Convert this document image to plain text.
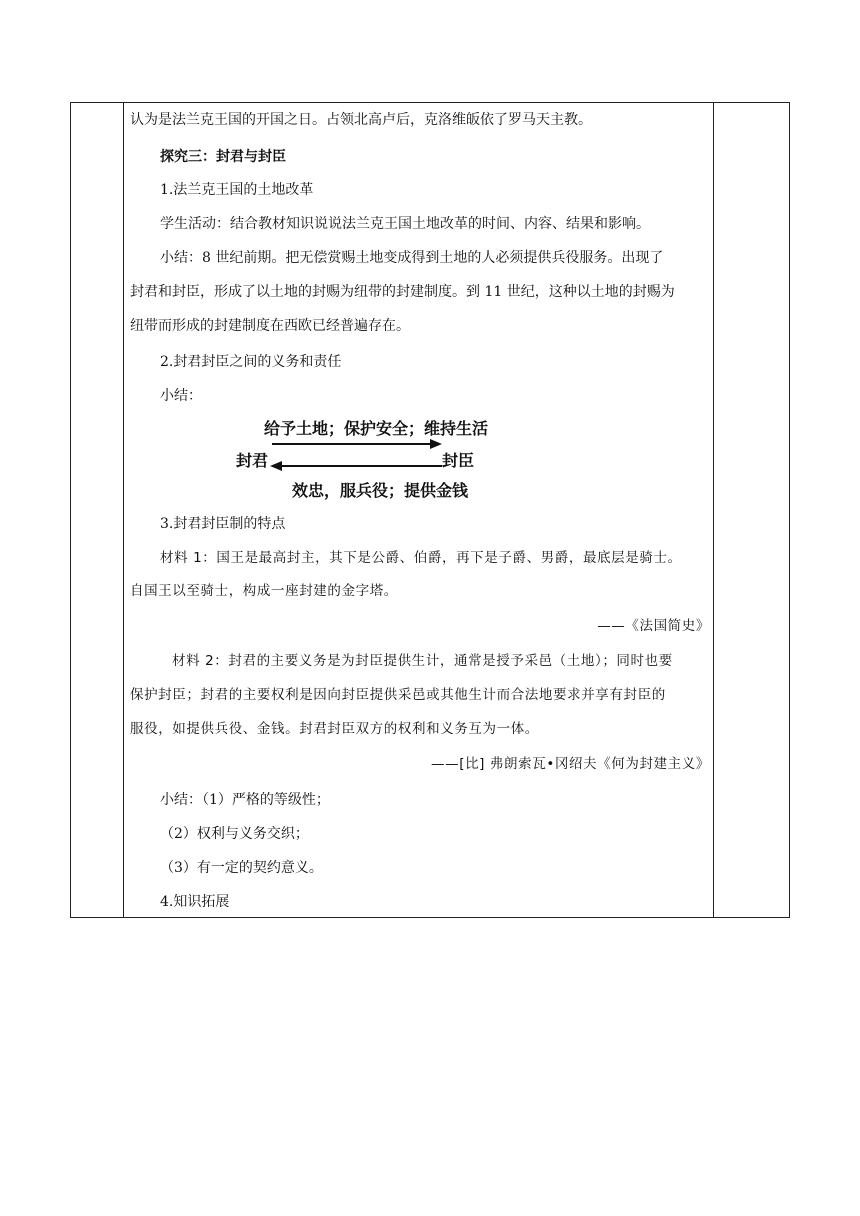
认为是法兰克王国的开国之日。占领北高卢后，克洛维皈依了罗马天主教。
探究三：封君与封臣
1.法兰克王国的土地改革
学生活动：结合教材知识说说法兰克王国土地改革的时间、内容、结果和影响。
小结：8 世纪前期。把无偿赏赐土地变成得到土地的人必须提供兵役服务。出现了
封君和封臣，形成了以土地的封赐为纽带的封建制度。到 11 世纪，这种以土地的封赐为
纽带而形成的封建制度在西欧已经普遍存在。
2.封君封臣之间的义务和责任
小结：
给予土地；保护安全；维持生活
封君	封臣
效忠，服兵役；提供金钱
3.封君封臣制的特点
材料 1：国王是最高封主，其下是公爵、伯爵，再下是子爵、男爵，最底层是骑士。
自国王以至骑士，构成一座封建的金字塔。
——《法国简史》
材料 2：封君的主要义务是为封臣提供生计，通常是授予采邑（土地）；同时也要
保护封臣；封君的主要权利是因向封臣提供采邑或其他生计而合法地要求并享有封臣的
服役，如提供兵役、金钱。封君封臣双方的权利和义务互为一体。
——[比] 弗朗索瓦•冈绍夫《何为封建主义》
小结：（1）严格的等级性；
（2）权利与义务交织；
（3）有一定的契约意义。
4.知识拓展
